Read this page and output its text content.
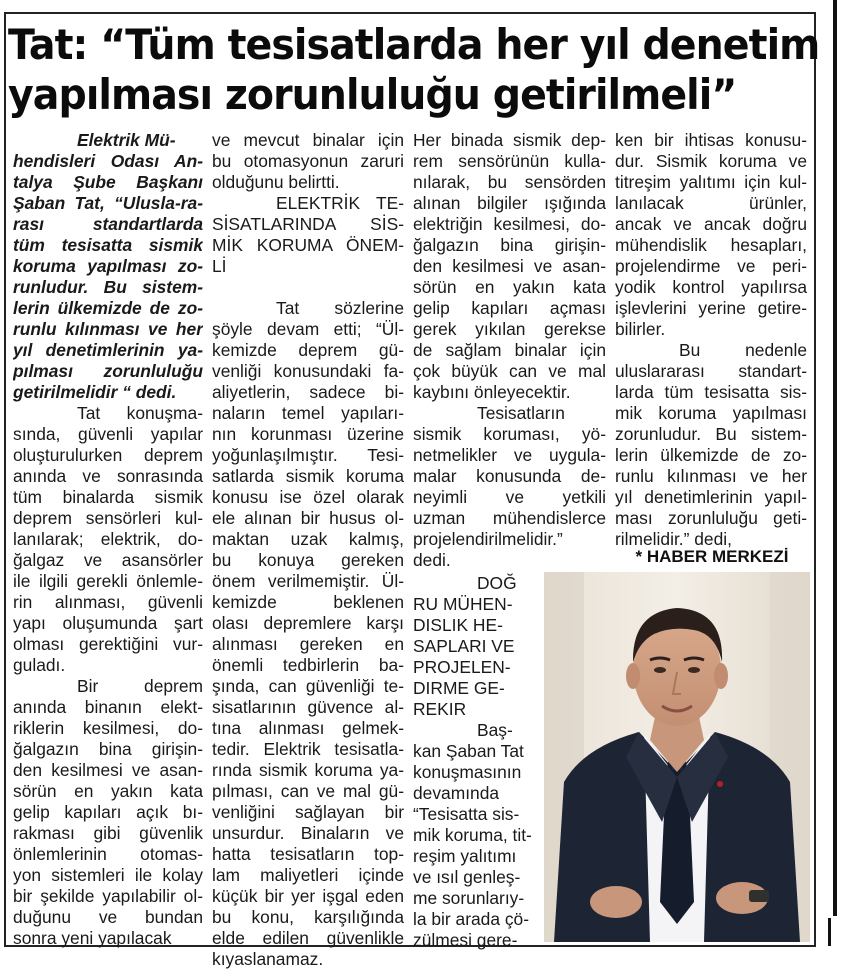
Tat: “Tüm tesisatlarda her yıl denetim
yapılması zorunluluğu getirilmeli”
Elektrik Mü-
hendisleri Odası An-
talya Şube Başkanı
Şaban Tat, “Ulusla-ra-
rası standartlarda
tüm tesisatta sismik
koruma yapılması zo-
runludur. Bu sistem-
lerin ülkemizde de zo-
runlu kılınması ve her
yıl denetimlerinin ya-
pılması zorunluluğu
getirilmelidir “ dedi.
Tat konuşma-
sında, güvenli yapılar
oluşturulurken deprem
anında ve sonrasında
tüm binalarda sismik
deprem sensörleri kul-
lanılarak; elektrik, do-
ğalgaz ve asansörler
ile ilgili gerekli önlemle-
rin alınması, güvenli
yapı oluşumunda şart
olması gerektiğini vur-
guladı.
Bir deprem
anında binanın elekt-
riklerin kesilmesi, do-
ğalgazın bina girişin-
den kesilmesi ve asan-
sörün en yakın kata
gelip kapıları açık bı-
rakması gibi güvenlik
önlemlerinin otomas-
yon sistemleri ile kolay
bir şekilde yapılabilir ol-
duğunu ve bundan
sonra yeni yapılacak
ve mevcut binalar için
bu otomasyonun zaruri
olduğunu belirtti.
ELEKTRİK TE-
SİSATLARINDA SİS-
MİK KORUMA ÖNEM-
Lİ
Tat sözlerine
şöyle devam etti; “Ül-
kemizde deprem gü-
venliği konusundaki fa-
aliyetlerin, sadece bi-
naların temel yapıları-
nın korunması üzerine
yoğunlaşılmıştır. Tesi-
satlarda sismik koruma
konusu ise özel olarak
ele alınan bir husus ol-
maktan uzak kalmış,
bu konuya gereken
önem verilmemiştir. Ül-
kemizde beklenen
olası depremlere karşı
alınması gereken en
önemli tedbirlerin ba-
şında, can güvenliği te-
sisatlarının güvence al-
tına alınması gelmek-
tedir. Elektrik tesisatla-
rında sismik koruma ya-
pılması, can ve mal gü-
venliğini sağlayan bir
unsurdur. Binaların ve
hatta tesisatların top-
lam maliyetleri içinde
küçük bir yer işgal eden
bu konu, karşılığında
elde edilen güvenlikle
kıyaslanamaz.
Her binada sismik dep-
rem sensörünün kulla-
nılarak, bu sensörden
alınan bilgiler ışığında
elektriğin kesilmesi, do-
ğalgazın bina girişin-
den kesilmesi ve asan-
sörün en yakın kata
gelip kapıları açması
gerek yıkılan gerekse
de sağlam binalar için
çok büyük can ve mal
kaybını önleyecektir.
Tesisatların
sismik koruması, yö-
netmelikler ve uygula-
malar konusunda de-
neyimli ve yetkili
uzman mühendislerce
projelendirilmelidir.”
dedi.
DOĞ
RU MÜHEN-
DISLIK HE-
SAPLARI VE
PROJELEN-
DIRME GE-
REKIR
Baş-
kan Şaban Tat
konuşmasının
devamında
“Tesisatta sis-
mik koruma, tit-
reşim yalıtımı
ve ısıl genleş-
me sorunlarıy-
la bir arada çö-
zülmesi gere-
ken bir ihtisas konusu-
dur. Sismik koruma ve
titreşim yalıtımı için kul-
lanılacak ürünler,
ancak ve ancak doğru
mühendislik hesapları,
projelendirme ve peri-
yodik kontrol yapılırsa
işlevlerini yerine getire-
bilirler.
Bu nedenle
uluslararası standart-
larda tüm tesisatta sis-
mik koruma yapılması
zorunludur. Bu sistem-
lerin ülkemizde de zo-
runlu kılınması ve her
yıl denetimlerinin yapıl-
ması zorunluluğu geti-
rilmelidir.” dedi,
* HABER MERKEZİ
